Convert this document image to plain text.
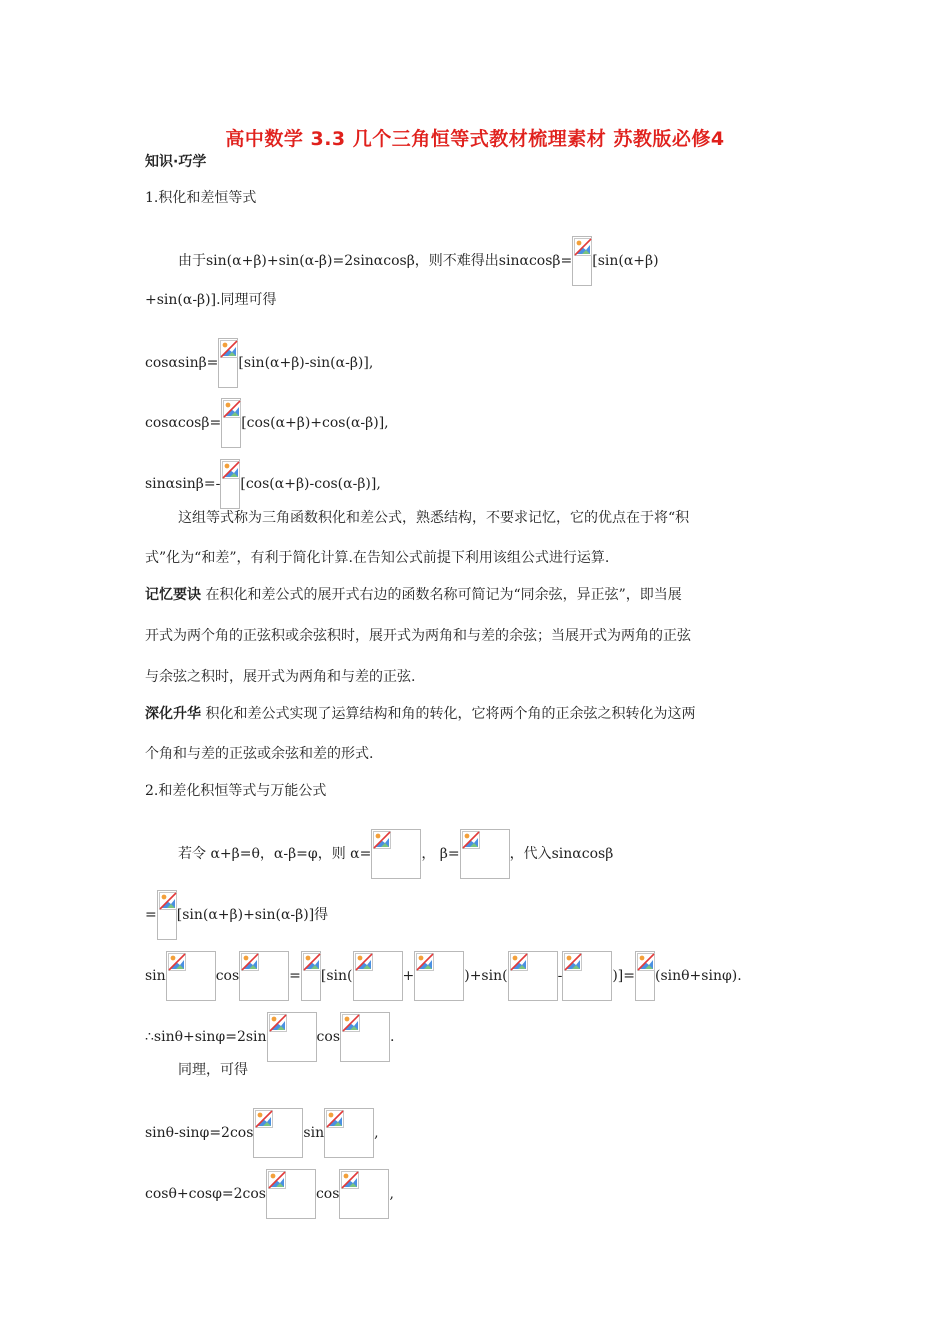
高中数学 3.3 几个三角恒等式教材梳理素材 苏教版必修4
知识·巧学
1.积化和差恒等式
由于sin(α+β)+sin(α-β)=2sinαcosβ，则不难得出sinαcosβ= [sin(α+β)
+sin(α-β)].同理可得
cosαsinβ= [sin(α+β)-sin(α-β)],
cosαcosβ= [cos(α+β)+cos(α-β)],
sinαsinβ=- [cos(α+β)-cos(α-β)],
这组等式称为三角函数积化和差公式，熟悉结构，不要求记忆，它的优点在于将“积
式”化为“和差”，有利于简化计算.在告知公式前提下利用该组公式进行运算.
记忆要诀 在积化和差公式的展开式右边的函数名称可简记为“同余弦，异正弦”，即当展
开式为两个角的正弦积或余弦积时，展开式为两角和与差的余弦；当展开式为两角的正弦
与余弦之积时，展开式为两角和与差的正弦.
深化升华 积化和差公式实现了运算结构和角的转化，它将两个角的正余弦之积转化为这两
个角和与差的正弦或余弦和差的形式.
2.和差化积恒等式与万能公式
若令 α+β=θ，α-β=φ，则 α=	， β=	，代入sinαcosβ
= [sin(α+β)+sin(α-β)]得
sin	cos	= [sin(	+	)+sin(	-	)]= (sinθ+sinφ).
∴sinθ+sinφ=2sin	cos	.
同理，可得
sinθ-sinφ=2cos	sin	,
cosθ+cosφ=2cos	cos	,
